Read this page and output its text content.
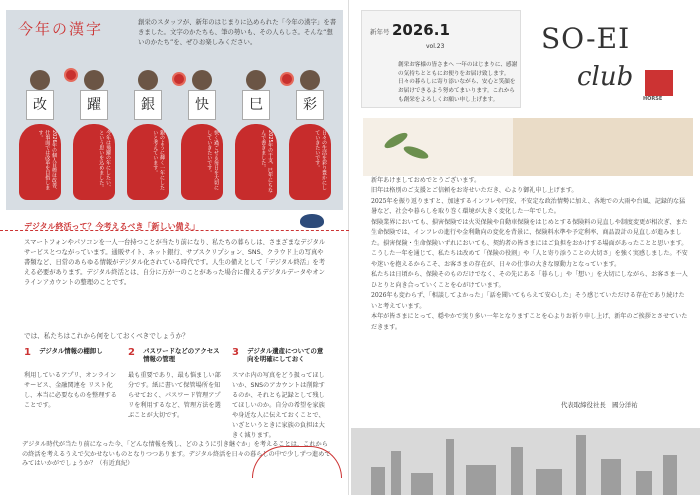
今年の漢字	創栄のスタッフが、新年のはじまりに込められた「今年の漢字」を書きました。文字のかたちも、筆の勢いも、その人らしさ。そんな“想いのかたち”を、ぜひお楽しみください。
改
2026年の個人目標は改善、仕事面では改革を目指します。
躍
今年は飛躍の年にしたい、という思いを込めました。
銀
銀のように輝く一年にしたいと考えています。
快
快く過ごせる毎日を大切にしていきたいです。
巳
2025年の干支、巳年にちなんで書きました。
彩
日々の生活を彩り豊かにしていきたいです。
デジタル終活って？今考えるべき「新しい備え」
スマートフォンやパソコンを一人一台持つことが当たり前になり、私たちの暮らしは、さまざまなデジタルサービスとつながっています。通販サイト、ネット銀行、サブスクリプション、SNS、クラウド上の写真や書類など、日常のあらゆる情報がデジタル化されている時代です。人生の備えとして「デジタル終活」を考える必要があります。デジタル終活とは、自分に万が一のことがあった場合に備えるデジタルデータやオンラインアカウントの整理のことです。
では、私たちはこれから何をしておくべきでしょうか？
1 デジタル情報の棚卸し
利用しているアプリ、オンラインサービス、金融関連を リスト化し、本当に必要なものを整理することです。
2 パスワードなどのアクセス情報の管理
最も重要であり、最も悩ましい部分です。紙に書いて保管場所を知らせておく、パスワード管理アプリを利用するなど、管理方法を選ぶことが大切です。
3 デジタル遺産についての意向を明確にしておく
スマホ内の写真をどう扱ってほしいか、SNSのアカウントは削除するのか、それとも記録として残してほしいのか。自分の希望を家族や身近な人に伝えておくことで、いざというときに家族の負担は大きく減ります。
デジタル時代が当たり前になった今、「どんな情報を残し、どのように引き継ぐか」を考えることは、これからの終活を考えるうえで欠かせないものとなりつつあります。デジタル終活を日々の暮らしの中で少しずつ進めてみてはいかがでしょうか？（有近真紀）
新年号 2026.1
vol.23
創栄お客様の皆さまへ 一年のはじまりに、感謝の気持ちとともにお便りをお届け致します。日々の暮らしに寄り添いながら、安心と笑顔をお届けできるよう努めてまいります。これからも創栄をよろしくお願い申し上げます。
SO-EI
club
HORSE

新年あけましておめでとうございます。

旧年は格別のご支援とご信頼をお寄せいただき、心より御礼申し上げます。

2025年を振り返りますと、加速するインフレや円安、不安定な政治情勢に加え、各地での大雨や台風、記録的な猛暑など、社会や暮らしを取り巻く環境が大きく変化した一年でした。

保険業界においても、損害保険では火災保険や自動車保険をはじめとする保険料の見直しや制度変更が相次ぎ、また生命保険では、インフレの進行や金利動向の変化を背景に、保険料水準や予定利率、商品設計の見直しが進みました。損害保険・生命保険いずれにおいても、契約者の皆さまにはご負担をおかけする場面があったことと思います。

こうした一年を通じて、私たちは改めて「保険の役割」や「人と寄り添うことの大切さ」を強く実感しました。不安や迷いを抱えるからこそ、お客さまの存在が、日々の仕事の大きな原動力となっています。

私たちは日頃から、保険そのものだけでなく、その先にある「暮らし」や「想い」を大切にしながら、お客さま一人ひとりと向き合っていくことを心がけています。

2026年も変わらず、「相談してよかった」「話を聞いてもらえて安心した」そう感じていただける存在であり続けたいと考えています。

本年が皆さまにとって、穏やかで実り多い一年となりますことを心よりお祈り申し上げ、新年のご挨拶とさせていただきます。

代表取締役社長　國分洋祐
